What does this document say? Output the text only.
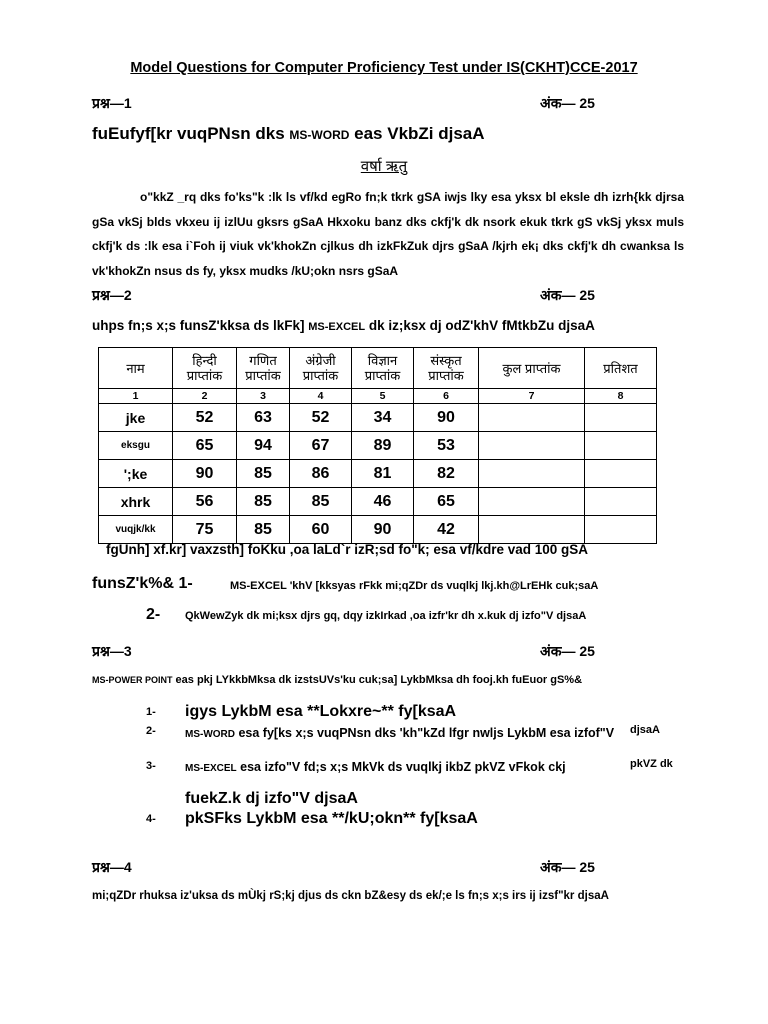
Model Questions for Computer Proficiency Test under IS(CKHT)CCE-2017
प्रश्न—1	अंक— 25
fuEufyf[kr vuqPNsn dks MS-WORD eas VkbZi djsaA
वर्षा ऋतु
o"kkZ _rq dks fo'ks"k :lk ls vf/kd egRo fn;k tkrk gSA iwjs lky esa yksx bl eksle dh izrh{kk djrsa gSa vkSj blds vkxeu ij izlUu gksrs gSaA Hkxoku banz dks ckfj'k dk nsork ekuk tkrk gS vkSj yksx muls ckfj'k ds :lk esa i`Foh ij viuk vk'khokZn cjlkus dh izkFkZuk djrs gSaA /kjrh ek¡ dks ckfj'k dh cwanksa ls vk'khokZn nsus ds fy, yksx mudks /kU;okn nsrs gSaA
प्रश्न—2	अंक— 25
uhps fn;s x;s funsZ'kksa ds lkFk] MS-EXCEL dk iz;ksx dj odZ'khV fMtkbZu djsaA
नाम	हिन्दी प्राप्तांक	गणित प्राप्तांक	अंग्रेजी प्राप्तांक	विज्ञान प्राप्तांक	संस्कृत प्राप्तांक	कुल प्राप्तांक	प्रतिशत
1	2	3	4	5	6	7	8
jke	52	63	52	34	90		
eksgu	65	94	67	89	53		
';ke	90	85	86	81	82		
xhrk	56	85	85	46	65		
vuqjk/kk	75	85	60	90	42		
fgUnh] xf.kr] vaxzsth] foKku ,oa laLd`r izR;sd fo"k; esa vf/kdre vad 100 gSA
funsZ'k%& 1-	MS-EXCEL 'khV [kksyas rFkk mi;qZDr ds vuqlkj lkj.kh@LrEHk cuk;saA
2- QkWewZyk dk mi;ksx djrs gq, dqy izkIrkad ,oa izfr'kr dh x.kuk dj izfo"V djsaA
प्रश्न—3	अंक— 25
MS-POWER POINT eas pkj LYkkbMksa dk izstsUVs'ku cuk;sa] LykbMksa dh fooj.kh fuEuor gS%&
1- igys LykbM esa **Lokxre~** fy[ksaA
2-	MS-WORD esa fy[ks x;s vuqPNsn dks 'kh"kZd lfgr nwljs LykbM esa izfof"V djsaA
3-	MS-EXCEL esa izfo"V fd;s x;s MkVk ds vuqlkj ikbZ pkVZ vFkok ckj	pkVZ dk
fuekZ.k dj izfo"V djsaA
4- pkSFks LykbM esa **/kU;okn** fy[ksaA
प्रश्न—4	अंक— 25
mi;qZDr rhuksa iz'uksa ds mÙkj rS;kj djus ds ckn bZ&esy ds ek/;e ls fn;s x;s irs ij izsf"kr djsaA
